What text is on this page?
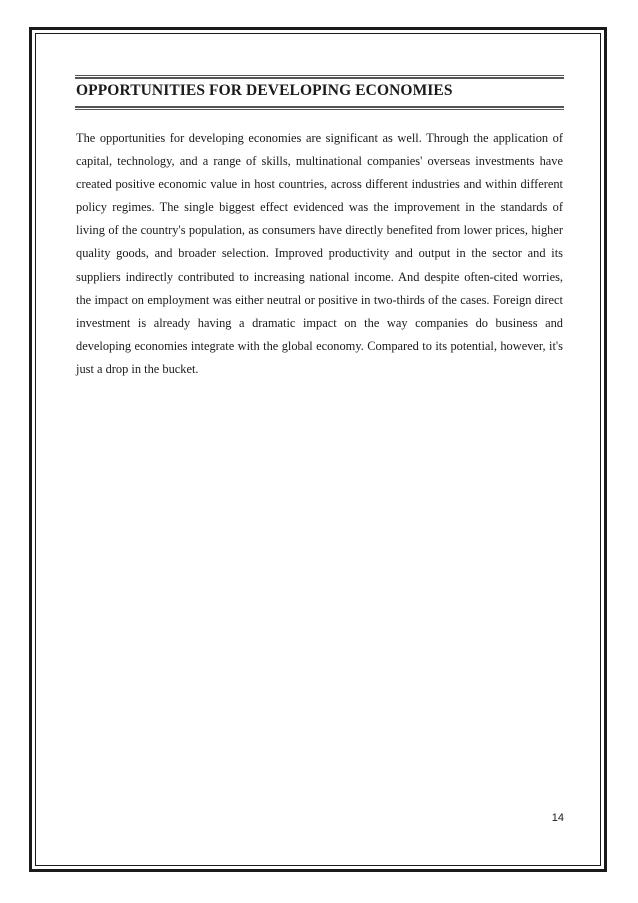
OPPORTUNITIES FOR DEVELOPING ECONOMIES

The opportunities for developing economies are significant as well. Through the application of capital, technology, and a range of skills, multinational companies' overseas investments have created positive economic value in host countries, across different industries and within different policy regimes. The single biggest effect evidenced was the improvement in the standards of living of the country's population, as consumers have directly benefited from lower prices, higher quality goods, and broader selection. Improved productivity and output in the sector and its suppliers indirectly contributed to increasing national income. And despite often-cited worries, the impact on employment was either neutral or positive in two-thirds of the cases. Foreign direct investment is already having a dramatic impact on the way companies do business and developing economies integrate with the global economy. Compared to its potential, however, it's just a drop in the bucket.

14
